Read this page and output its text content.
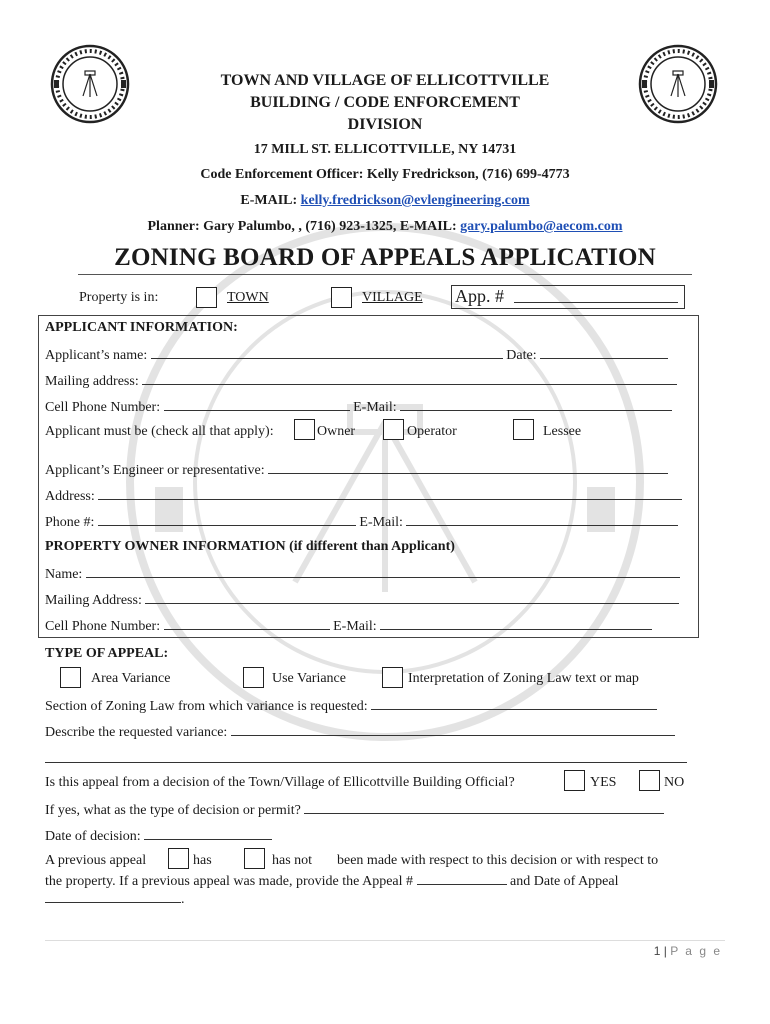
TOWN AND VILLAGE OF ELLICOTTVILLE
BUILDING / CODE ENFORCEMENT
DIVISION
17 MILL ST. ELLICOTTVILLE, NY 14731
Code Enforcement Officer: Kelly Fredrickson, (716) 699-4773
E-MAIL: kelly.fredrickson@evlengineering.com
Planner: Gary Palumbo, , (716) 923-1325, E-MAIL: gary.palumbo@aecom.com
ZONING BOARD OF APPEALS APPLICATION
Property is in:	TOWN	VILLAGE App. #
APPLICANT INFORMATION:
Applicant’s name:	Date:
Mailing address:
Cell Phone Number:	E-Mail:
Applicant must be (check all that apply):	Owner	Operator	Lessee
Applicant’s Engineer or representative:
Address:
Phone #:	E-Mail:
PROPERTY OWNER INFORMATION (if different than Applicant)
Name:
Mailing Address:
Cell Phone Number:	E-Mail:
TYPE OF APPEAL:
Area Variance	Use Variance	Interpretation of Zoning Law text or map
Section of Zoning Law from which variance is requested:
Describe the requested variance:
Is this appeal from a decision of the Town/Village of Ellicottville Building Official?	YES	NO
If yes, what as the type of decision or permit?
Date of decision:
A previous appeal	has	has not been made with respect to this decision or with respect to
the property. If a previous appeal was made, provide the Appeal #	and Date of Appeal
.
1 | P a g e
